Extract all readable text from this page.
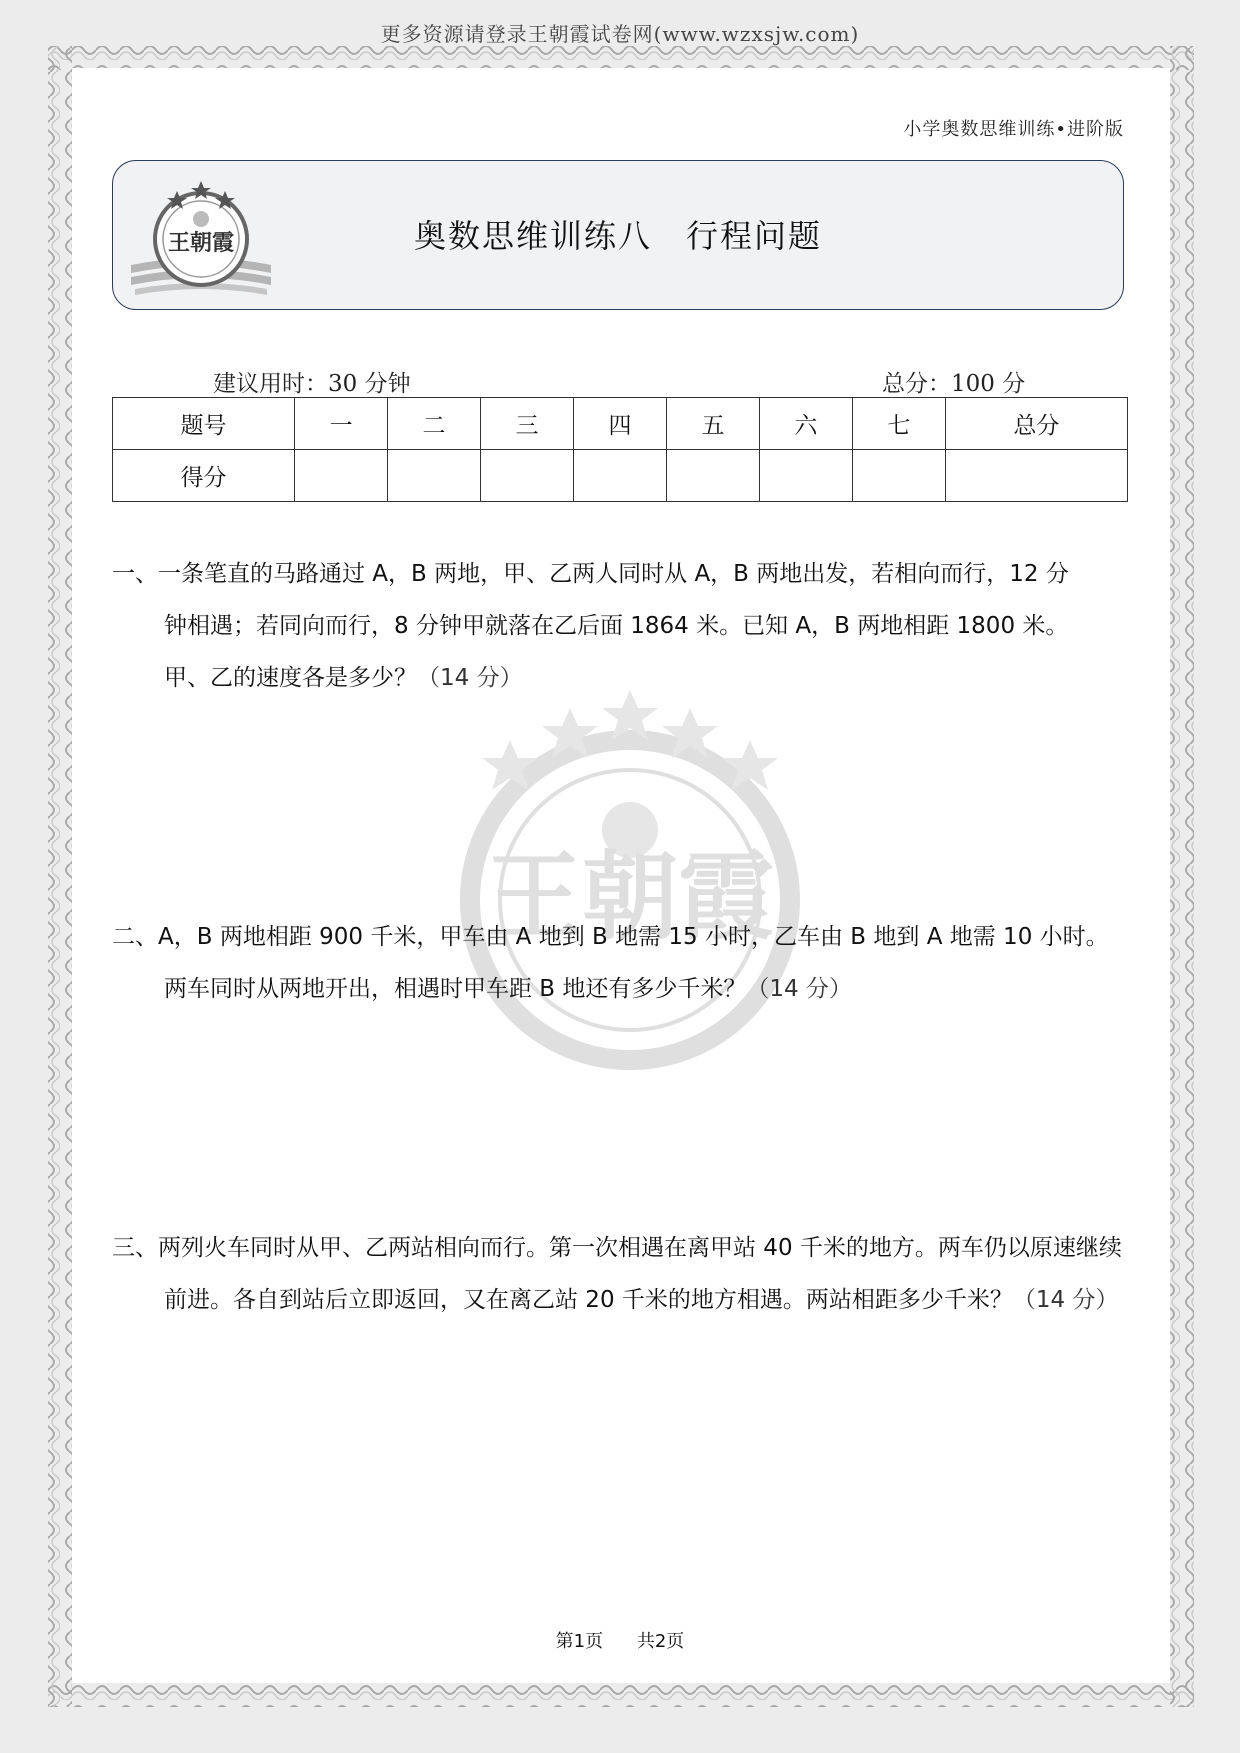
更多资源请登录王朝霞试卷网(www.wzxsjw.com)
小学奥数思维训练•进阶版
王朝霞	奥数思维训练八　行程问题
建议用时：30 分钟	总分：100 分
题号	一	二	三	四	五	六	七	总分
得分								
王朝霞
一、一条笔直的马路通过 A，B 两地，甲、乙两人同时从 A，B 两地出发，若相向而行，12 分
钟相遇；若同向而行，8 分钟甲就落在乙后面 1864 米。已知 A，B 两地相距 1800 米。
甲、乙的速度各是多少？（14 分）
二、A，B 两地相距 900 千米，甲车由 A 地到 B 地需 15 小时，乙车由 B 地到 A 地需 10 小时。
两车同时从两地开出，相遇时甲车距 B 地还有多少千米？（14 分）
三、两列火车同时从甲、乙两站相向而行。第一次相遇在离甲站 40 千米的地方。两车仍以原速继续
前进。各自到站后立即返回，又在离乙站 20 千米的地方相遇。两站相距多少千米？（14 分）
第1页 共2页
